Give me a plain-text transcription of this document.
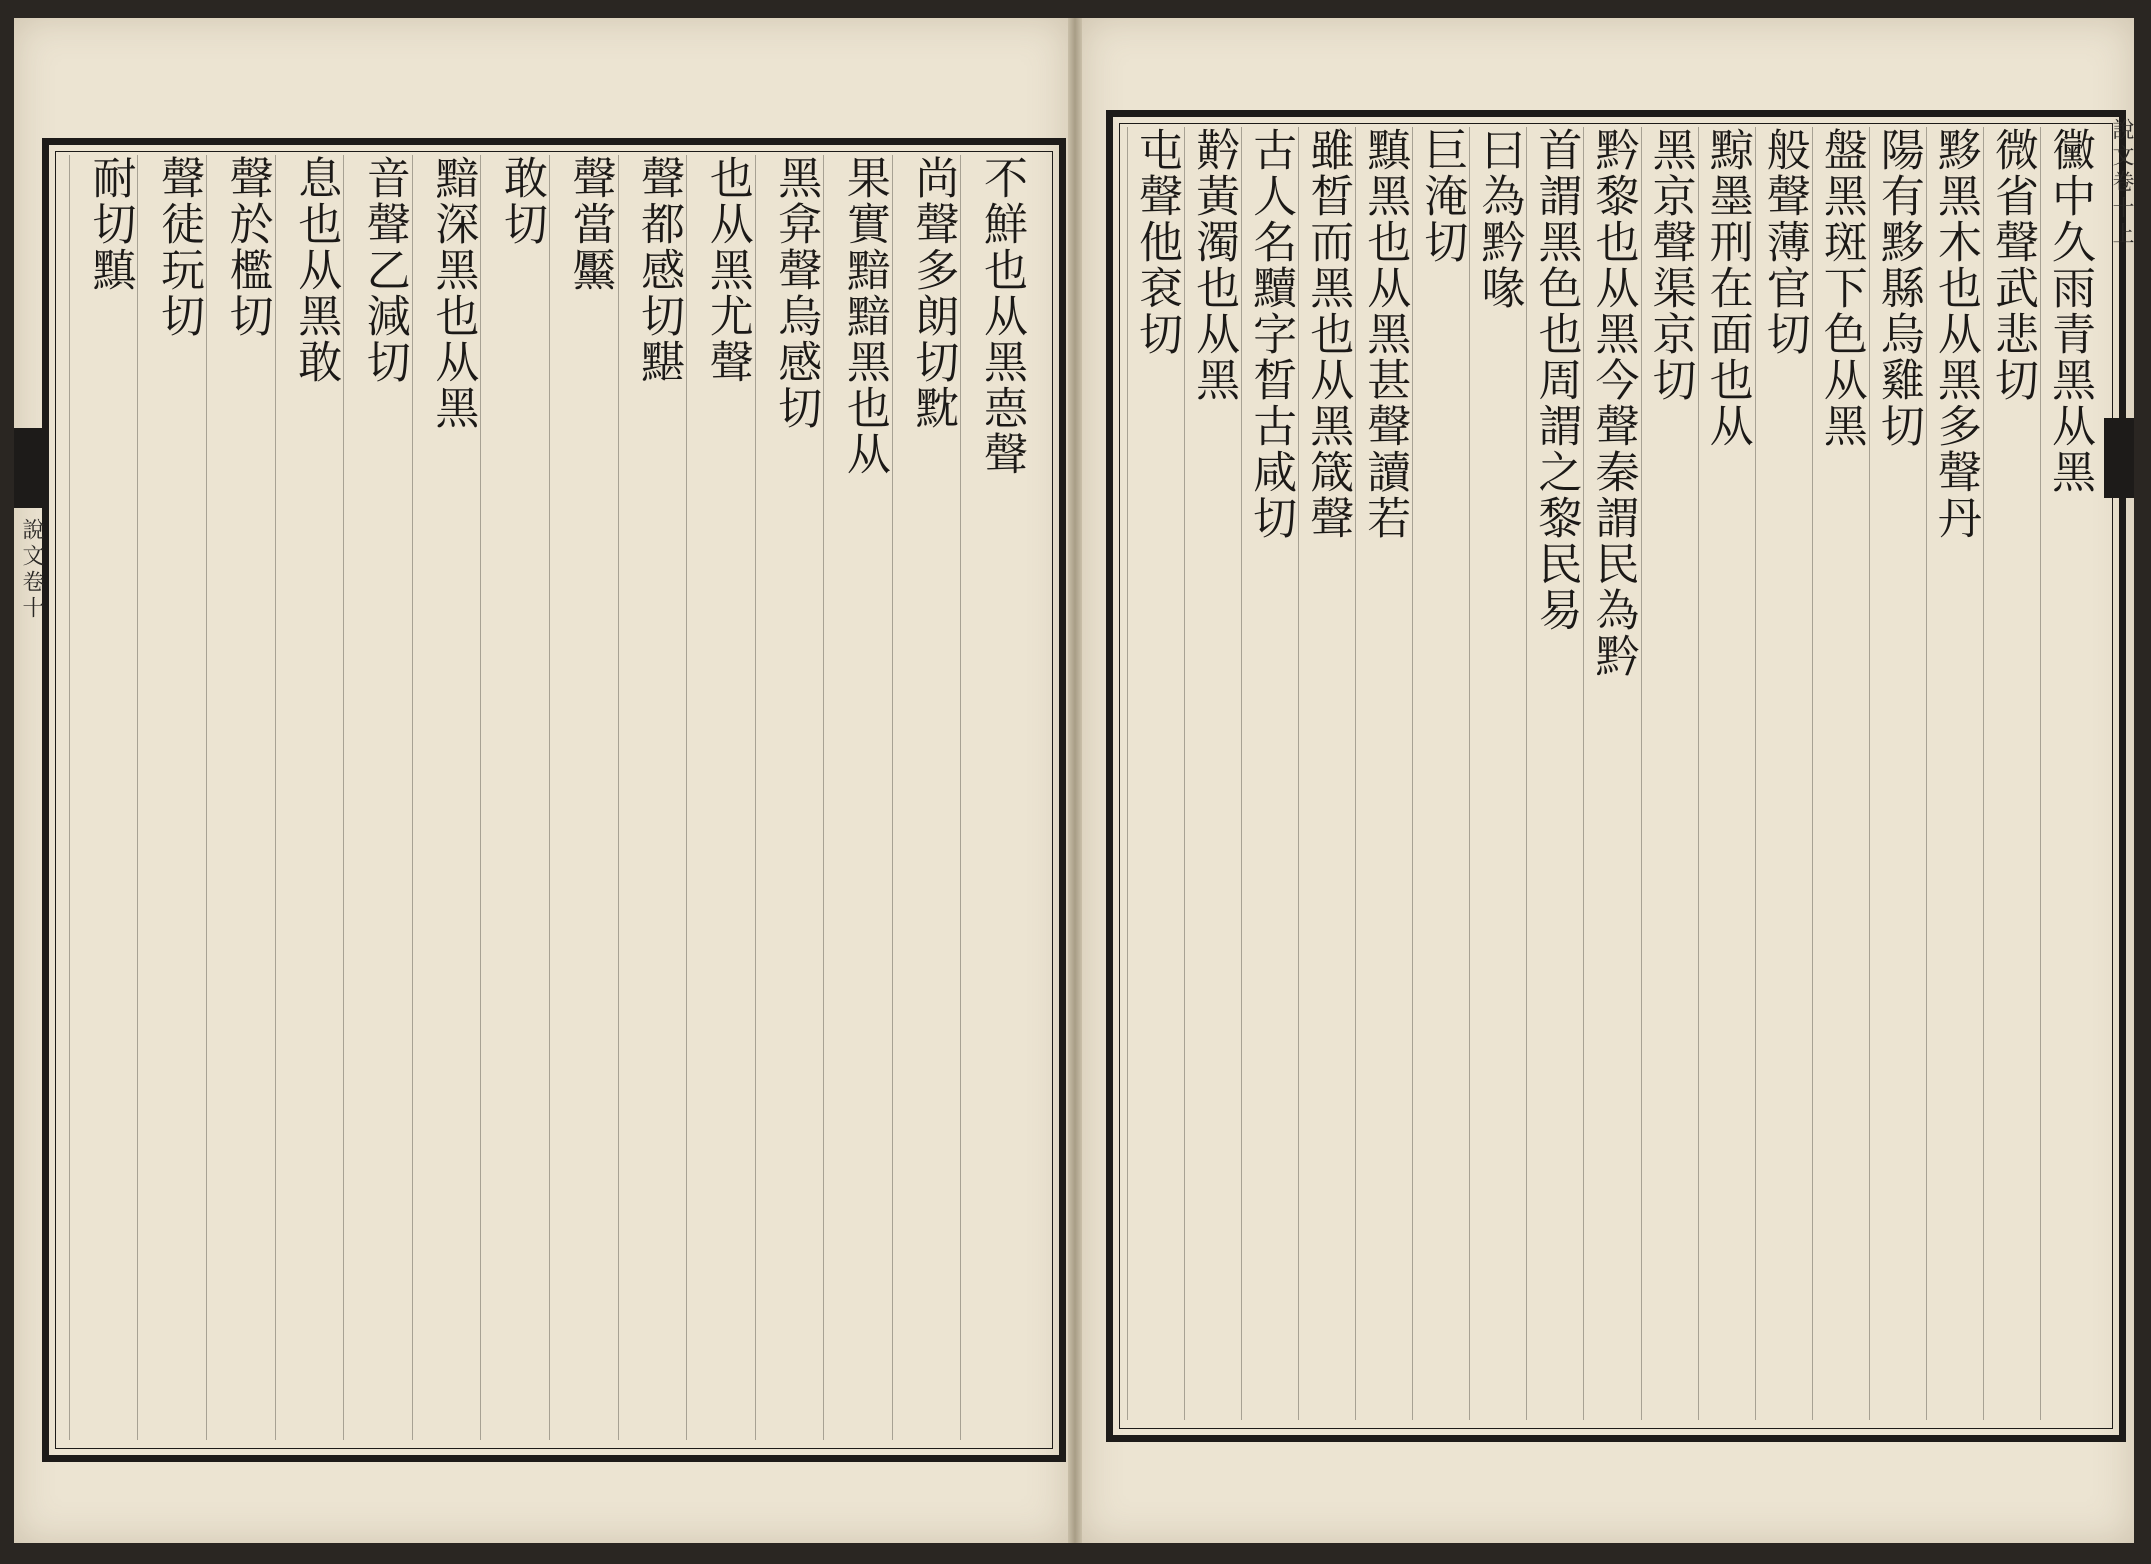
不鮮也从黑𢛳聲
尚聲多朗切黕
果實黯黯黑也从
黑弇聲烏感切
也从黑尤聲
聲都感切黮
聲當黶
敢切
黯深黑也从黑
音聲乙減切
息也从黑敢
聲於檻切
聲徒玩切
耐切黰
說文卷十
黴中久雨青黑从黑
微省聲武悲切
黟黑木也从黑多聲丹
陽有黟縣烏雞切
盤黑斑下色从黑
般聲薄官切
黥墨刑在面也从
黑京聲渠京切
黔黎也从黑今聲秦謂民為黔
首謂黑色也周謂之黎民易
曰為黔喙
巨淹切
黰黑也从黑甚聲讀若
雖晳而黑也从黑箴聲
古人名黷字晳古咸切
黅黃濁也从黑
屯聲他袞切	說文卷十上
